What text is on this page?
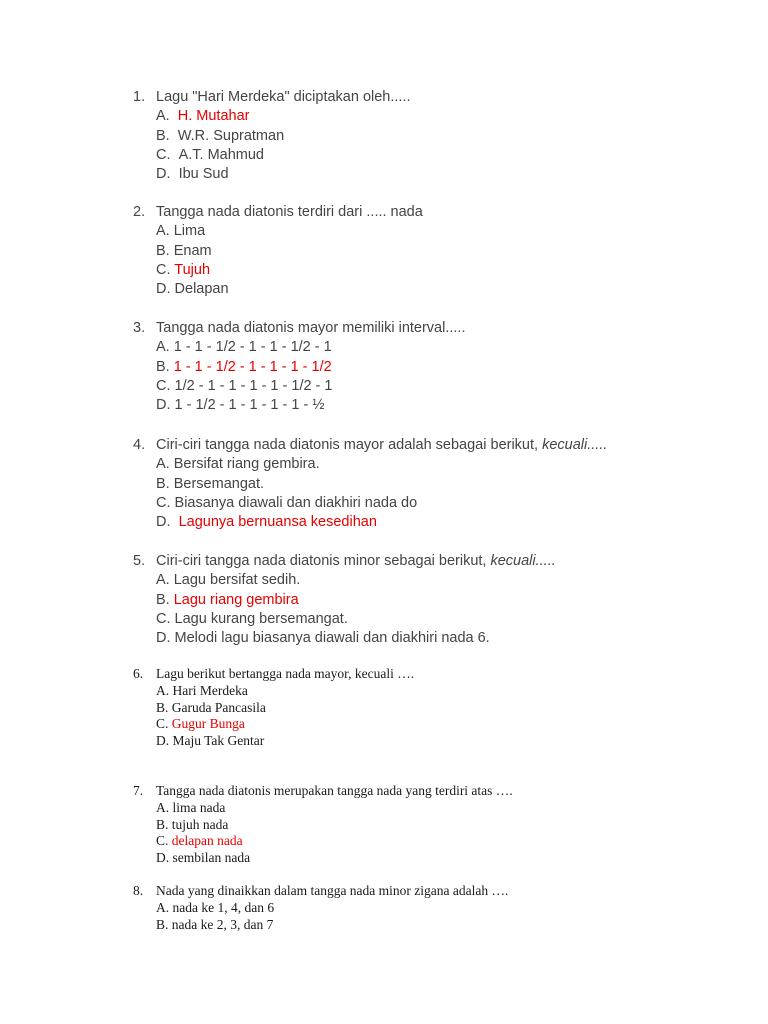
1. Lagu "Hari Merdeka" diciptakan oleh.....
A. H. Mutahar
B. W.R. Supratman
C. A.T. Mahmud
D. Ibu Sud
2. Tangga nada diatonis terdiri dari ..... nada
A. Lima
B. Enam
C. Tujuh
D. Delapan
3. Tangga nada diatonis mayor memiliki interval.....
A. 1 - 1 - 1/2 - 1 - 1 - 1/2 - 1
B. 1 - 1 - 1/2 - 1 - 1 - 1 - 1/2
C. 1/2 - 1 - 1 - 1 - 1 - 1/2 - 1
D. 1 - 1/2 - 1 - 1 - 1 - 1 - ½
4. Ciri-ciri tangga nada diatonis mayor adalah sebagai berikut, kecuali.....
A. Bersifat riang gembira.
B. Bersemangat.
C. Biasanya diawali dan diakhiri nada do
D. Lagunya bernuansa kesedihan
5. Ciri-ciri tangga nada diatonis minor sebagai berikut, kecuali.....
A. Lagu bersifat sedih.
B. Lagu riang gembira
C. Lagu kurang bersemangat.
D. Melodi lagu biasanya diawali dan diakhiri nada 6.
6. Lagu berikut bertangga nada mayor, kecuali ….
A. Hari Merdeka
B. Garuda Pancasila
C. Gugur Bunga
D. Maju Tak Gentar
7. Tangga nada diatonis merupakan tangga nada yang terdiri atas ….
A. lima nada
B. tujuh nada
C. delapan nada
D. sembilan nada
8. Nada yang dinaikkan dalam tangga nada minor zigana adalah ….
A. nada ke 1, 4, dan 6
B. nada ke 2, 3, dan 7
